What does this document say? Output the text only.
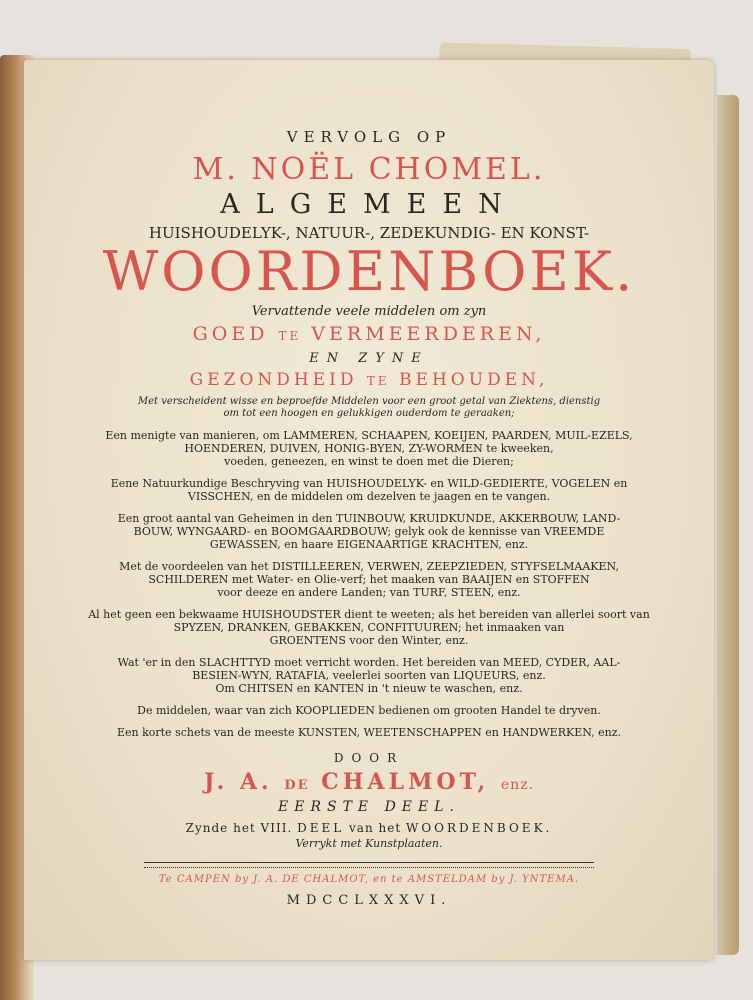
VERVOLG OP
M. NOËL CHOMEL.
ALGEMEEN
HUISHOUDELYK-, NATUUR-, ZEDEKUNDIG- EN KONST-
WOORDENBOEK.
Vervattende veele middelen om zyn
GOED TE VERMEERDEREN,
EN ZYNE
GEZONDHEID TE BEHOUDEN,
Met verscheident wisse en beproefde Middelen voor een groot getal van Ziektens, dienstig
om tot een hoogen en gelukkigen ouderdom te geraaken;
Een menigte van manieren, om LAMMEREN, SCHAAPEN, KOEIJEN, PAARDEN, MUIL-EZELS,
HOENDEREN, DUIVEN, HONIG-BYEN, ZY-WORMEN te kweeken,
voeden, geneezen, en winst te doen met die Dieren;
Eene Natuurkundige Beschryving van HUISHOUDELYK- en WILD-GEDIERTE, VOGELEN en
VISSCHEN, en de middelen om dezelven te jaagen en te vangen.
Een groot aantal van Geheimen in den TUINBOUW, KRUIDKUNDE, AKKERBOUW, LAND-
BOUW, WYNGAARD- en BOOMGAARDBOUW; gelyk ook de kennisse van VREEMDE
GEWASSEN, en haare EIGENAARTIGE KRACHTEN, enz.
Met de voordeelen van het DISTILLEEREN, VERWEN, ZEEPZIEDEN, STYFSELMAAKEN,
SCHILDEREN met Water- en Olie-verf; het maaken van BAAIJEN en STOFFEN
voor deeze en andere Landen; van TURF, STEEN, enz.
Al het geen een bekwaame HUISHOUDSTER dient te weeten; als het bereiden van allerlei soort van
SPYZEN, DRANKEN, GEBAKKEN, CONFITUUREN; het inmaaken van
GROENTENS voor den Winter, enz.
Wat 'er in den SLACHTTYD moet verricht worden. Het bereiden van MEED, CYDER, AAL-
BESIEN-WYN, RATAFIA, veelerlei soorten van LIQUEURS, enz.
Om CHITSEN en KANTEN in 't nieuw te waschen, enz.
De middelen, waar van zich KOOPLIEDEN bedienen om grooten Handel te dryven.
Een korte schets van de meeste KUNSTEN, WEETENSCHAPPEN en HANDWERKEN, enz.
DOOR
J. A. DE CHALMOT, enz.
EERSTE DEEL.
Zynde het VIII. DEEL van het WOORDENBOEK.
Verrykt met Kunstplaaten.
Te CAMPEN by J. A. DE CHALMOT, en te AMSTELDAM by J. YNTEMA.
MDCCLXXXVI.
